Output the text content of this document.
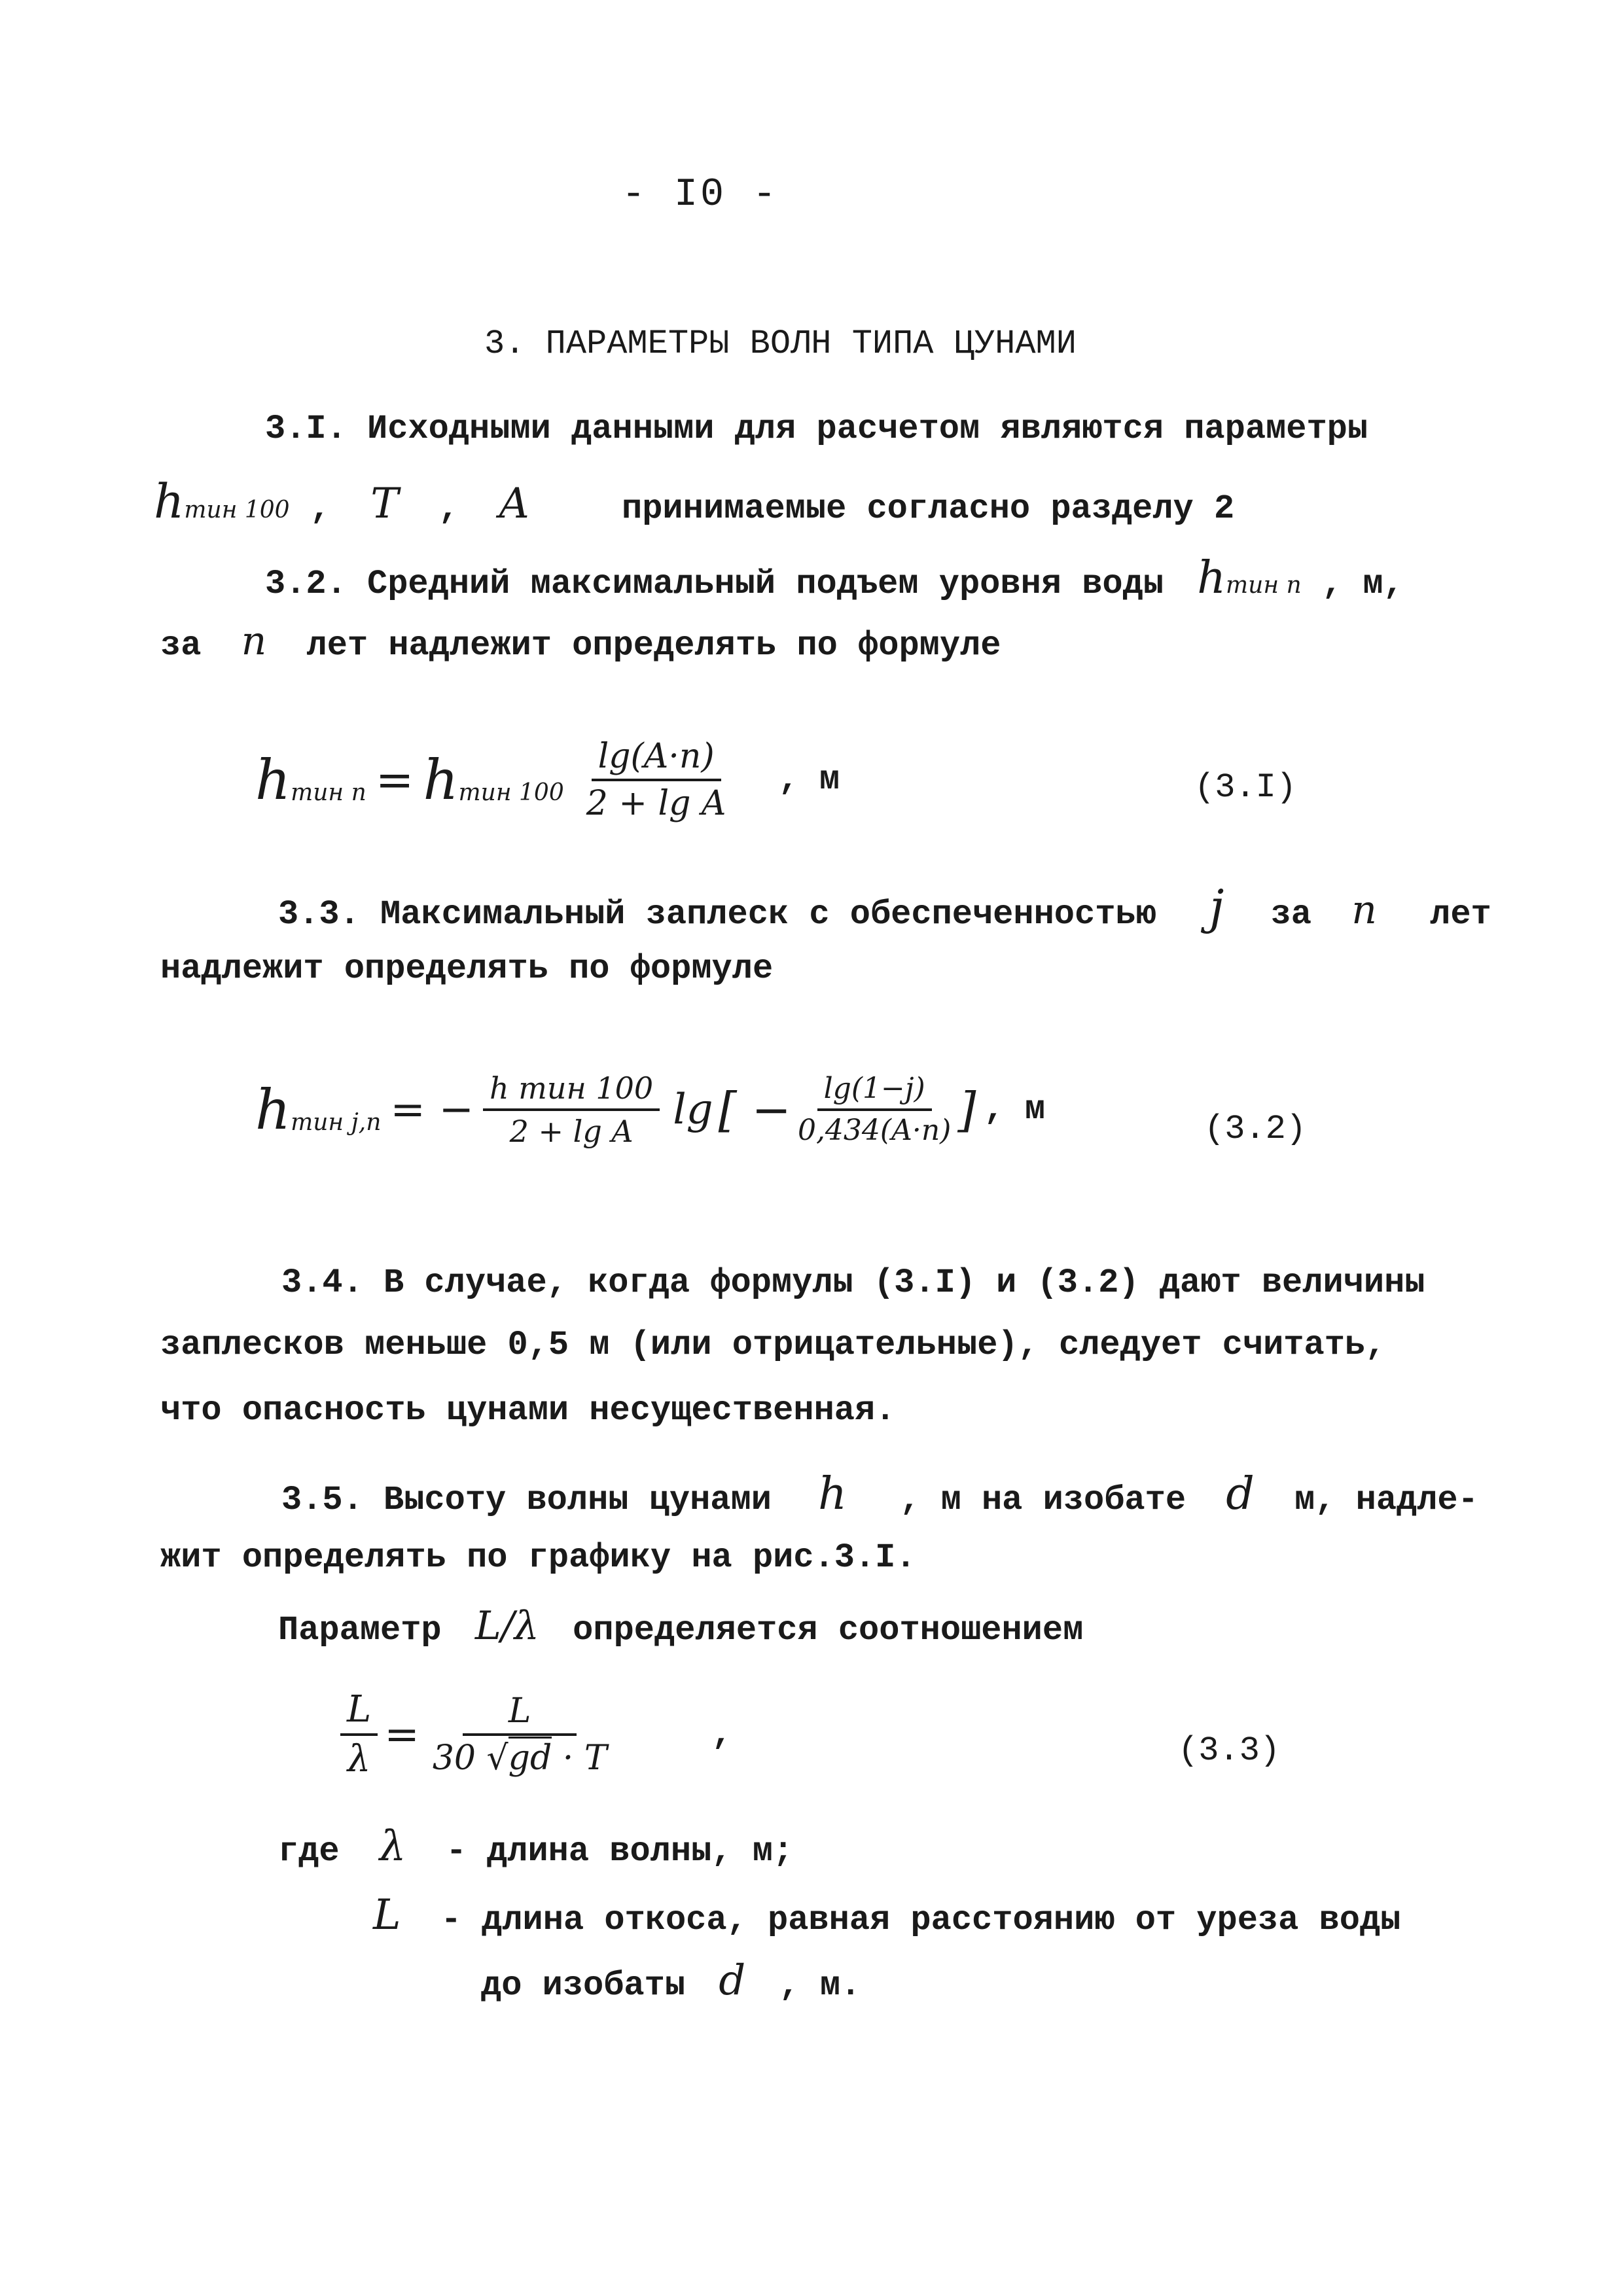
- I0 -
3. ПАРАМЕТРЫ ВОЛН ТИПА ЦУНАМИ
3.I. Исходными данными для расчетом являются параметры
hтин 100 , T , A	принимаемые согласно разделу 2
3.2. Средний максимальный подъем уровня воды hтин n , м,
за n лет надлежит определять по формуле
h тин n = h тин $100 \frac{\lg(A\cdot n)}{\text{2 + lg A}}$ , м	(3.I)
3.3. Максимальный заплеск с обеспеченностью j за n лет
надлежит определять по формуле
h тин j,n = − $\frac{\text{h тин 100}}{\text{2 + lg A}}$ lg [ − $\frac{\lg(1-j)}{0,434(A\cdot n)}$ ] , м
(3.2)
3.4. В случае, когда формулы (3.I) и (3.2) дают величины
заплесков меньше 0,5 м (или отрицательные), следует считать,
что опасность цунами несущественная.
3.5. Высоту волны цунами h , м на изобате d м, надле-
жит определять по графику на рис.3.I.
Параметр L/λ определяется соотношением
$\frac{L}{\lambda} = \frac{L}{30 √gd \cdot T}$	,	(3.3)
где λ - длина волны, м;
L - длина откоса, равная расстоянию от уреза воды
до изобаты d , м.
